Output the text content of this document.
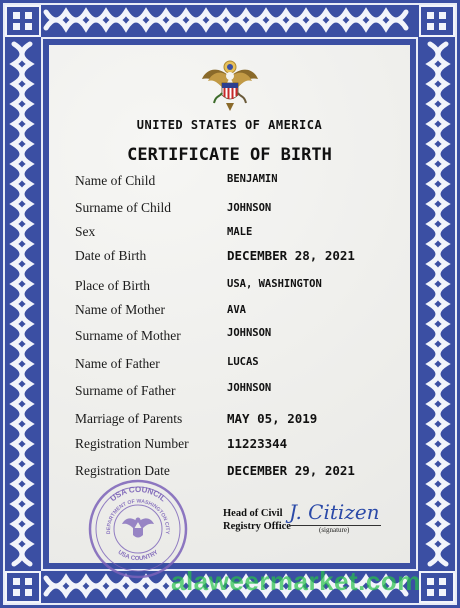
UNITED STATES OF AMERICA
CERTIFICATE OF BIRTH
Name of Child	BENJAMIN
Surname of Child	JOHNSON
Sex	MALE
Date of Birth	DECEMBER 28, 2021
Place of Birth	USA, WASHINGTON
Name of Mother	AVA
Surname of Mother	JOHNSON
Name of Father	LUCAS
Surname of Father	JOHNSON
Marriage of Parents	MAY 05, 2019
Registration Number	11223344
Registration Date	DECEMBER 29, 2021
USA COUNCIL
DEPARTMENT OF WASHINGTON CITY
USA COUNTRY
Head of Civil
Registry Office
J. Citizen
(signature)
alaweermarket.com
